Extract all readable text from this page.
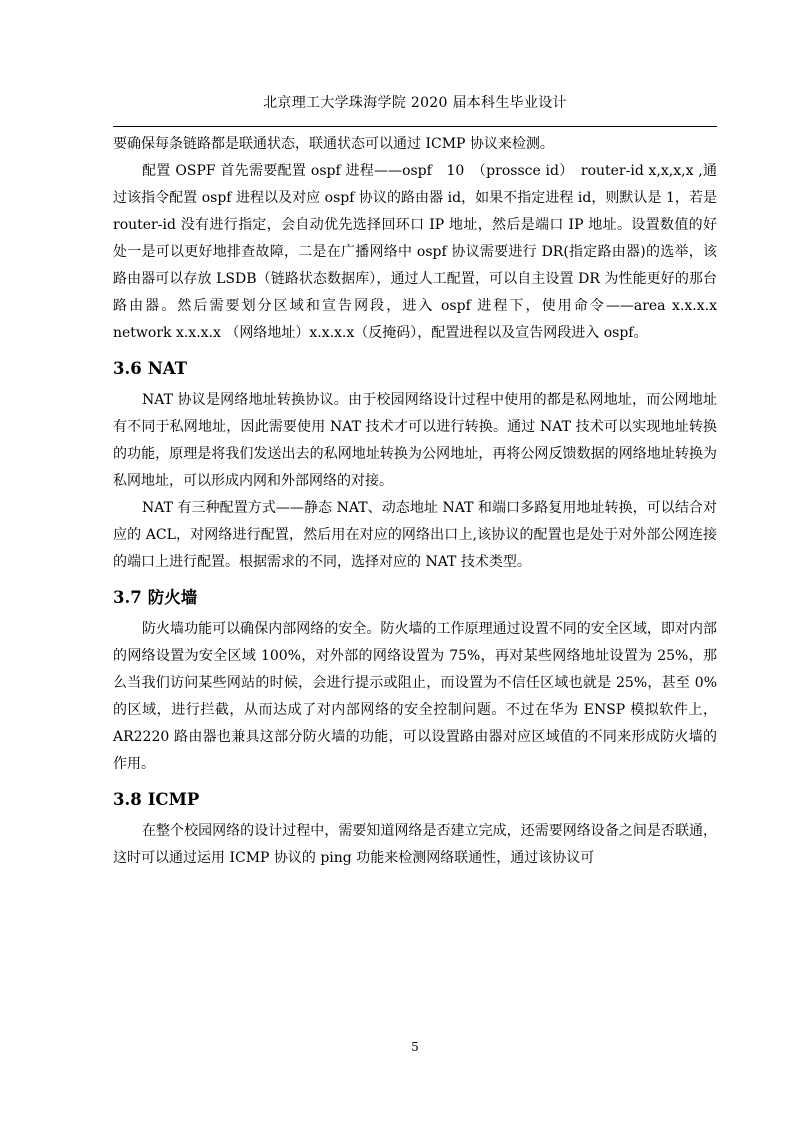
北京理工大学珠海学院 2020 届本科生毕业设计

要确保每条链路都是联通状态，联通状态可以通过 ICMP 协议来检测。

配置 OSPF 首先需要配置 ospf 进程——ospf　10　（prossce id）　router-id x,x,x,x ,通过该指令配置 ospf 进程以及对应 ospf 协议的路由器 id，如果不指定进程 id，则默认是 1，若是 router-id 没有进行指定，会自动优先选择回环口 IP 地址，然后是端口 IP 地址。设置数值的好处一是可以更好地排查故障，二是在广播网络中 ospf 协议需要进行 DR(指定路由器)的选举，该路由器可以存放 LSDB（链路状态数据库），通过人工配置，可以自主设置 DR 为性能更好的那台路由器。然后需要划分区域和宣告网段，进入 ospf 进程下，使用命令——area x.x.x.x　network x.x.x.x （网络地址）x.x.x.x（反掩码），配置进程以及宣告网段进入 ospf。

3.6 NAT

NAT 协议是网络地址转换协议。由于校园网络设计过程中使用的都是私网地址，而公网地址有不同于私网地址，因此需要使用 NAT 技术才可以进行转换。通过 NAT 技术可以实现地址转换的功能，原理是将我们发送出去的私网地址转换为公网地址，再将公网反馈数据的网络地址转换为私网地址，可以形成内网和外部网络的对接。

NAT 有三种配置方式——静态 NAT、动态地址 NAT 和端口多路复用地址转换，可以结合对应的 ACL，对网络进行配置，然后用在对应的网络出口上,该协议的配置也是处于对外部公网连接的端口上进行配置。根据需求的不同，选择对应的 NAT 技术类型。

3.7 防火墙

防火墙功能可以确保内部网络的安全。防火墙的工作原理通过设置不同的安全区域，即对内部的网络设置为安全区域 100%，对外部的网络设置为 75%，再对某些网络地址设置为 25%，那么当我们访问某些网站的时候，会进行提示或阻止，而设置为不信任区域也就是 25%，甚至 0%的区域，进行拦截，从而达成了对内部网络的安全控制问题。不过在华为 ENSP 模拟软件上，AR2220 路由器也兼具这部分防火墙的功能，可以设置路由器对应区域值的不同来形成防火墙的作用。

3.8 ICMP

在整个校园网络的设计过程中，需要知道网络是否建立完成，还需要网络设备之间是否联通，这时可以通过运用 ICMP 协议的 ping 功能来检测网络联通性，通过该协议可

5
